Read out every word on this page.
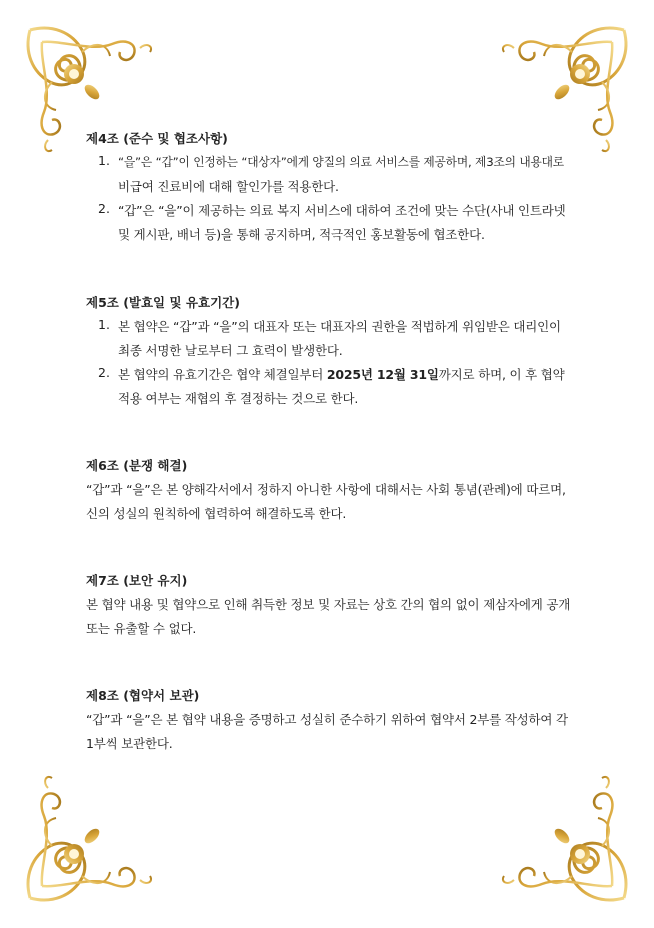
제4조 (준수 및 협조사항)
1. “을”은 “갑”이 인정하는 “대상자”에게 양질의 의료 서비스를 제공하며, 제3조의 내용대로
비급여 진료비에 대해 할인가를 적용한다.
2. “갑”은 “을”이 제공하는 의료 복지 서비스에 대하여 조건에 맞는 수단(사내 인트라넷
및 게시판, 배너 등)을 통해 공지하며, 적극적인 홍보활동에 협조한다.
제5조 (발효일 및 유효기간)
1. 본 협약은 “갑”과 “을”의 대표자 또는 대표자의 권한을 적법하게 위임받은 대리인이
최종 서명한 날로부터 그 효력이 발생한다.
2. 본 협약의 유효기간은 협약 체결일부터 2025년 12월 31일까지로 하며, 이 후 협약
적용 여부는 재협의 후 결정하는 것으로 한다.
제6조 (분쟁 해결)
“갑”과 “을”은 본 양해각서에서 정하지 아니한 사항에 대해서는 사회 통념(관례)에 따르며,
신의 성실의 원칙하에 협력하여 해결하도록 한다.
제7조 (보안 유지)
본 협약 내용 및 협약으로 인해 취득한 정보 및 자료는 상호 간의 협의 없이 제삼자에게 공개
또는 유출할 수 없다.
제8조 (협약서 보관)
“갑”과 “을”은 본 협약 내용을 증명하고 성실히 준수하기 위하여 협약서 2부를 작성하여 각
1부씩 보관한다.
